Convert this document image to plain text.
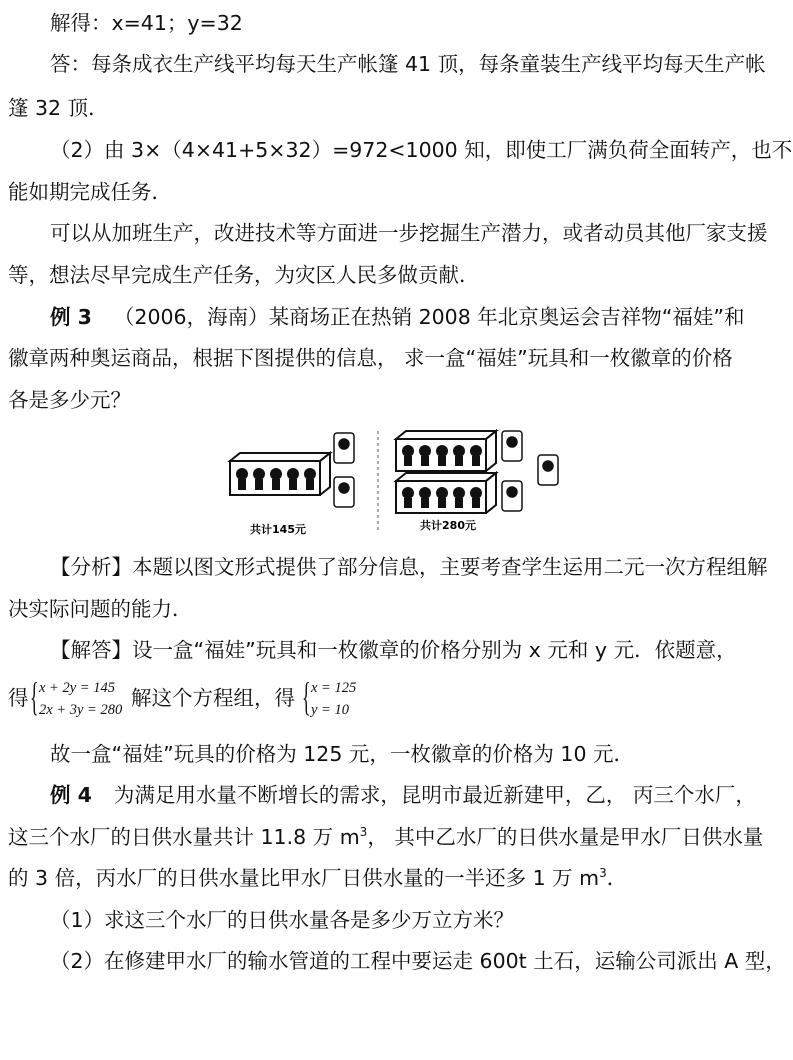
解得：x=41；y=32
答：每条成衣生产线平均每天生产帐篷 41 顶，每条童装生产线平均每天生产帐
篷 32 顶．
（2）由 3×（4×41+5×32）=972<1000 知，即使工厂满负荷全面转产，也不
能如期完成任务．
可以从加班生产，改进技术等方面进一步挖掘生产潜力，或者动员其他厂家支援
等，想法尽早完成生产任务，为灾区人民多做贡献．
例 3 （2006，海南）某商场正在热销 2008 年北京奥运会吉祥物“福娃”和
徽章两种奥运商品，根据下图提供的信息， 求一盒“福娃”玩具和一枚徽章的价格
各是多少元？
共计145元	共计280元
【分析】本题以图文形式提供了部分信息，主要考查学生运用二元一次方程组解
决实际问题的能力．
【解答】设一盒“福娃”玩具和一枚徽章的价格分别为 x 元和 y 元．依题意，
得 { x + 2y = 145
2x + 3y = 280 解这个方程组，得 { x = 125
y = 10
故一盒“福娃”玩具的价格为 125 元，一枚徽章的价格为 10 元．
例 4 为满足用水量不断增长的需求，昆明市最近新建甲，乙， 丙三个水厂，
这三个水厂的日供水量共计 11.8 万 $m^3$， 其中乙水厂的日供水量是甲水厂日供水量
的 3 倍，丙水厂的日供水量比甲水厂日供水量的一半还多 1 万 $m^3$．
（1）求这三个水厂的日供水量各是多少万立方米？
（2）在修建甲水厂的输水管道的工程中要运走 600t 土石，运输公司派出 A 型，
